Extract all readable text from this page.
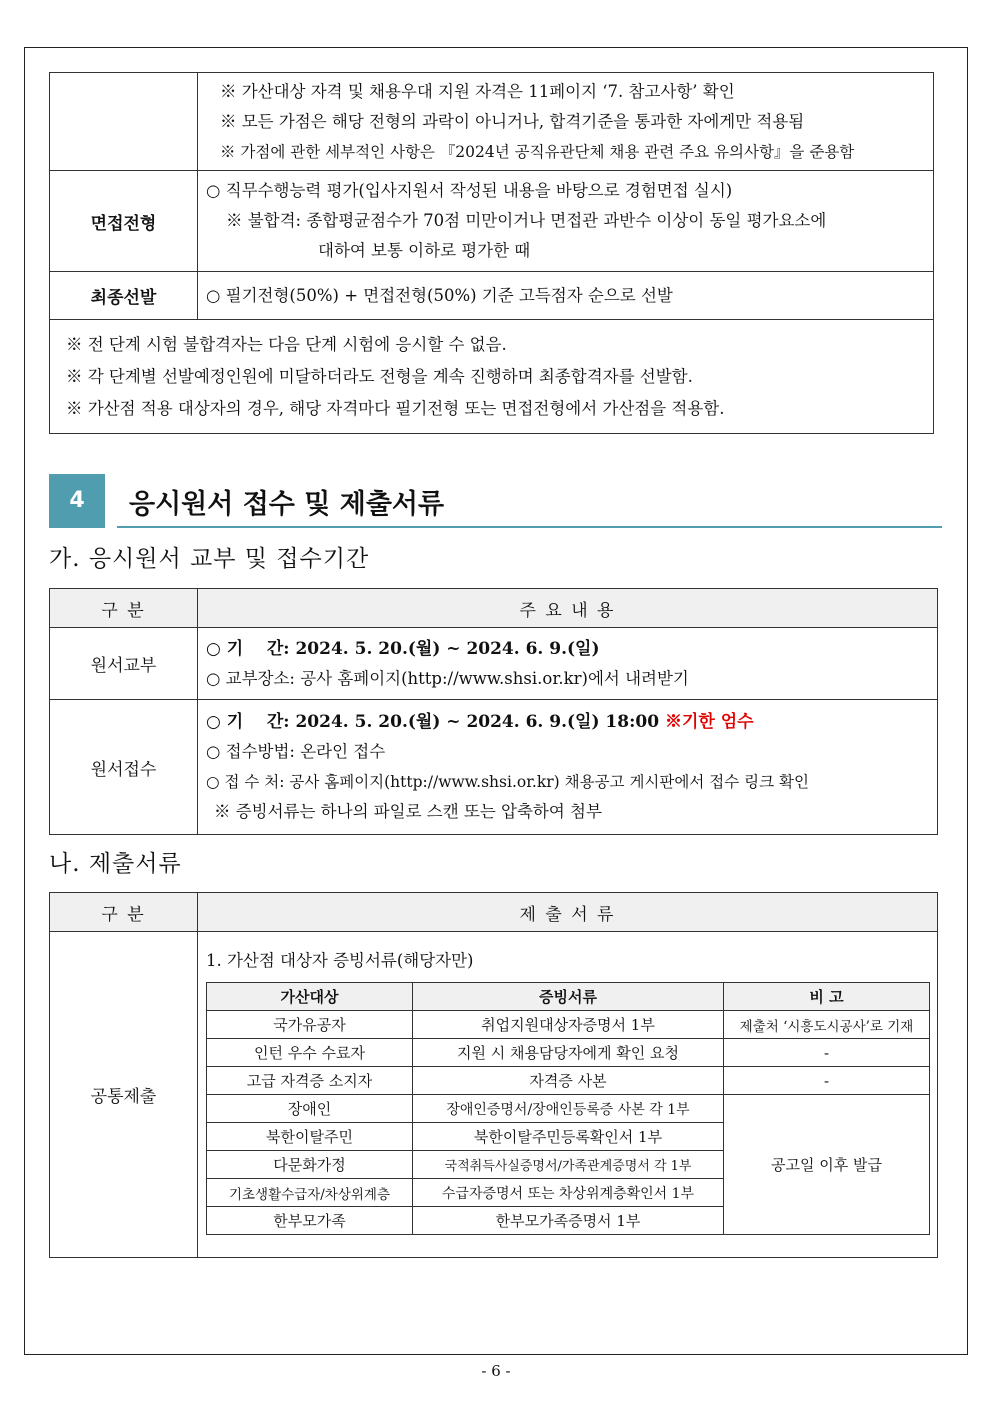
	※ 가산대상 자격 및 채용우대 지원 자격은 11페이지 ‘7. 참고사항’ 확인
※ 모든 가점은 해당 전형의 과락이 아니거나, 합격기준을 통과한 자에게만 적용됨
※ 가점에 관한 세부적인 사항은 『2024년 공직유관단체 채용 관련 주요 유의사항』을 준용함

면접전형	○ 직무수행능력 평가(입사지원서 작성된 내용을 바탕으로 경험면접 실시)
※ 불합격: 종합평균점수가 70점 미만이거나 면접관 과반수 이상이 동일 평가요소에
대하여 보통 이하로 평가한 때

최종선발	○ 필기전형(50%) + 면접전형(50%) 기준 고득점자 순으로 선발

※ 전 단계 시험 불합격자는 다음 단계 시험에 응시할 수 없음.
※ 각 단계별 선발예정인원에 미달하더라도 전형을 계속 진행하며 최종합격자를 선발함.
※ 가산점 적용 대상자의 경우, 해당 자격마다 필기전형 또는 면접전형에서 가산점을 적용함.	
4	응시원서 접수 및 제출서류
가. 응시원서 교부 및 접수기간
구 분	주 요 내 용
원서교부	○ 기    간: 2024. 5. 20.(월) ~ 2024. 6. 9.(일)
○ 교부장소: 공사 홈페이지(http://www.shsi.or.kr)에서 내려받기

원서접수	○ 기    간: 2024. 5. 20.(월) ~ 2024. 6. 9.(일) 18:00 ※기한 엄수
○ 접수방법: 온라인 접수
○ 접 수 처: 공사 홈페이지(http://www.shsi.or.kr) 채용공고 게시판에서 접수 링크 확인
※ 증빙서류는 하나의 파일로 스캔 또는 압축하여 첨부
나. 제출서류
구 분	제 출 서 류
공통제출	
1. 가산점 대상자 증빙서류(해당자만)
가산대상	증빙서류	비 고
국가유공자	취업지원대상자증명서 1부	제출처 ‘시흥도시공사’로 기재
인턴 우수 수료자	지원 시 채용담당자에게 확인 요청	-
고급 자격증 소지자	자격증 사본	-
장애인	장애인증명서/장애인등록증 사본 각 1부	공고일 이후 발급
북한이탈주민	북한이탈주민등록확인서 1부
다문화가정	국적취득사실증명서/가족관계증명서 각 1부
기초생활수급자/차상위계층	수급자증명서 또는 차상위계층확인서 1부
한부모가족	한부모가족증명서 1부
- 6 -
